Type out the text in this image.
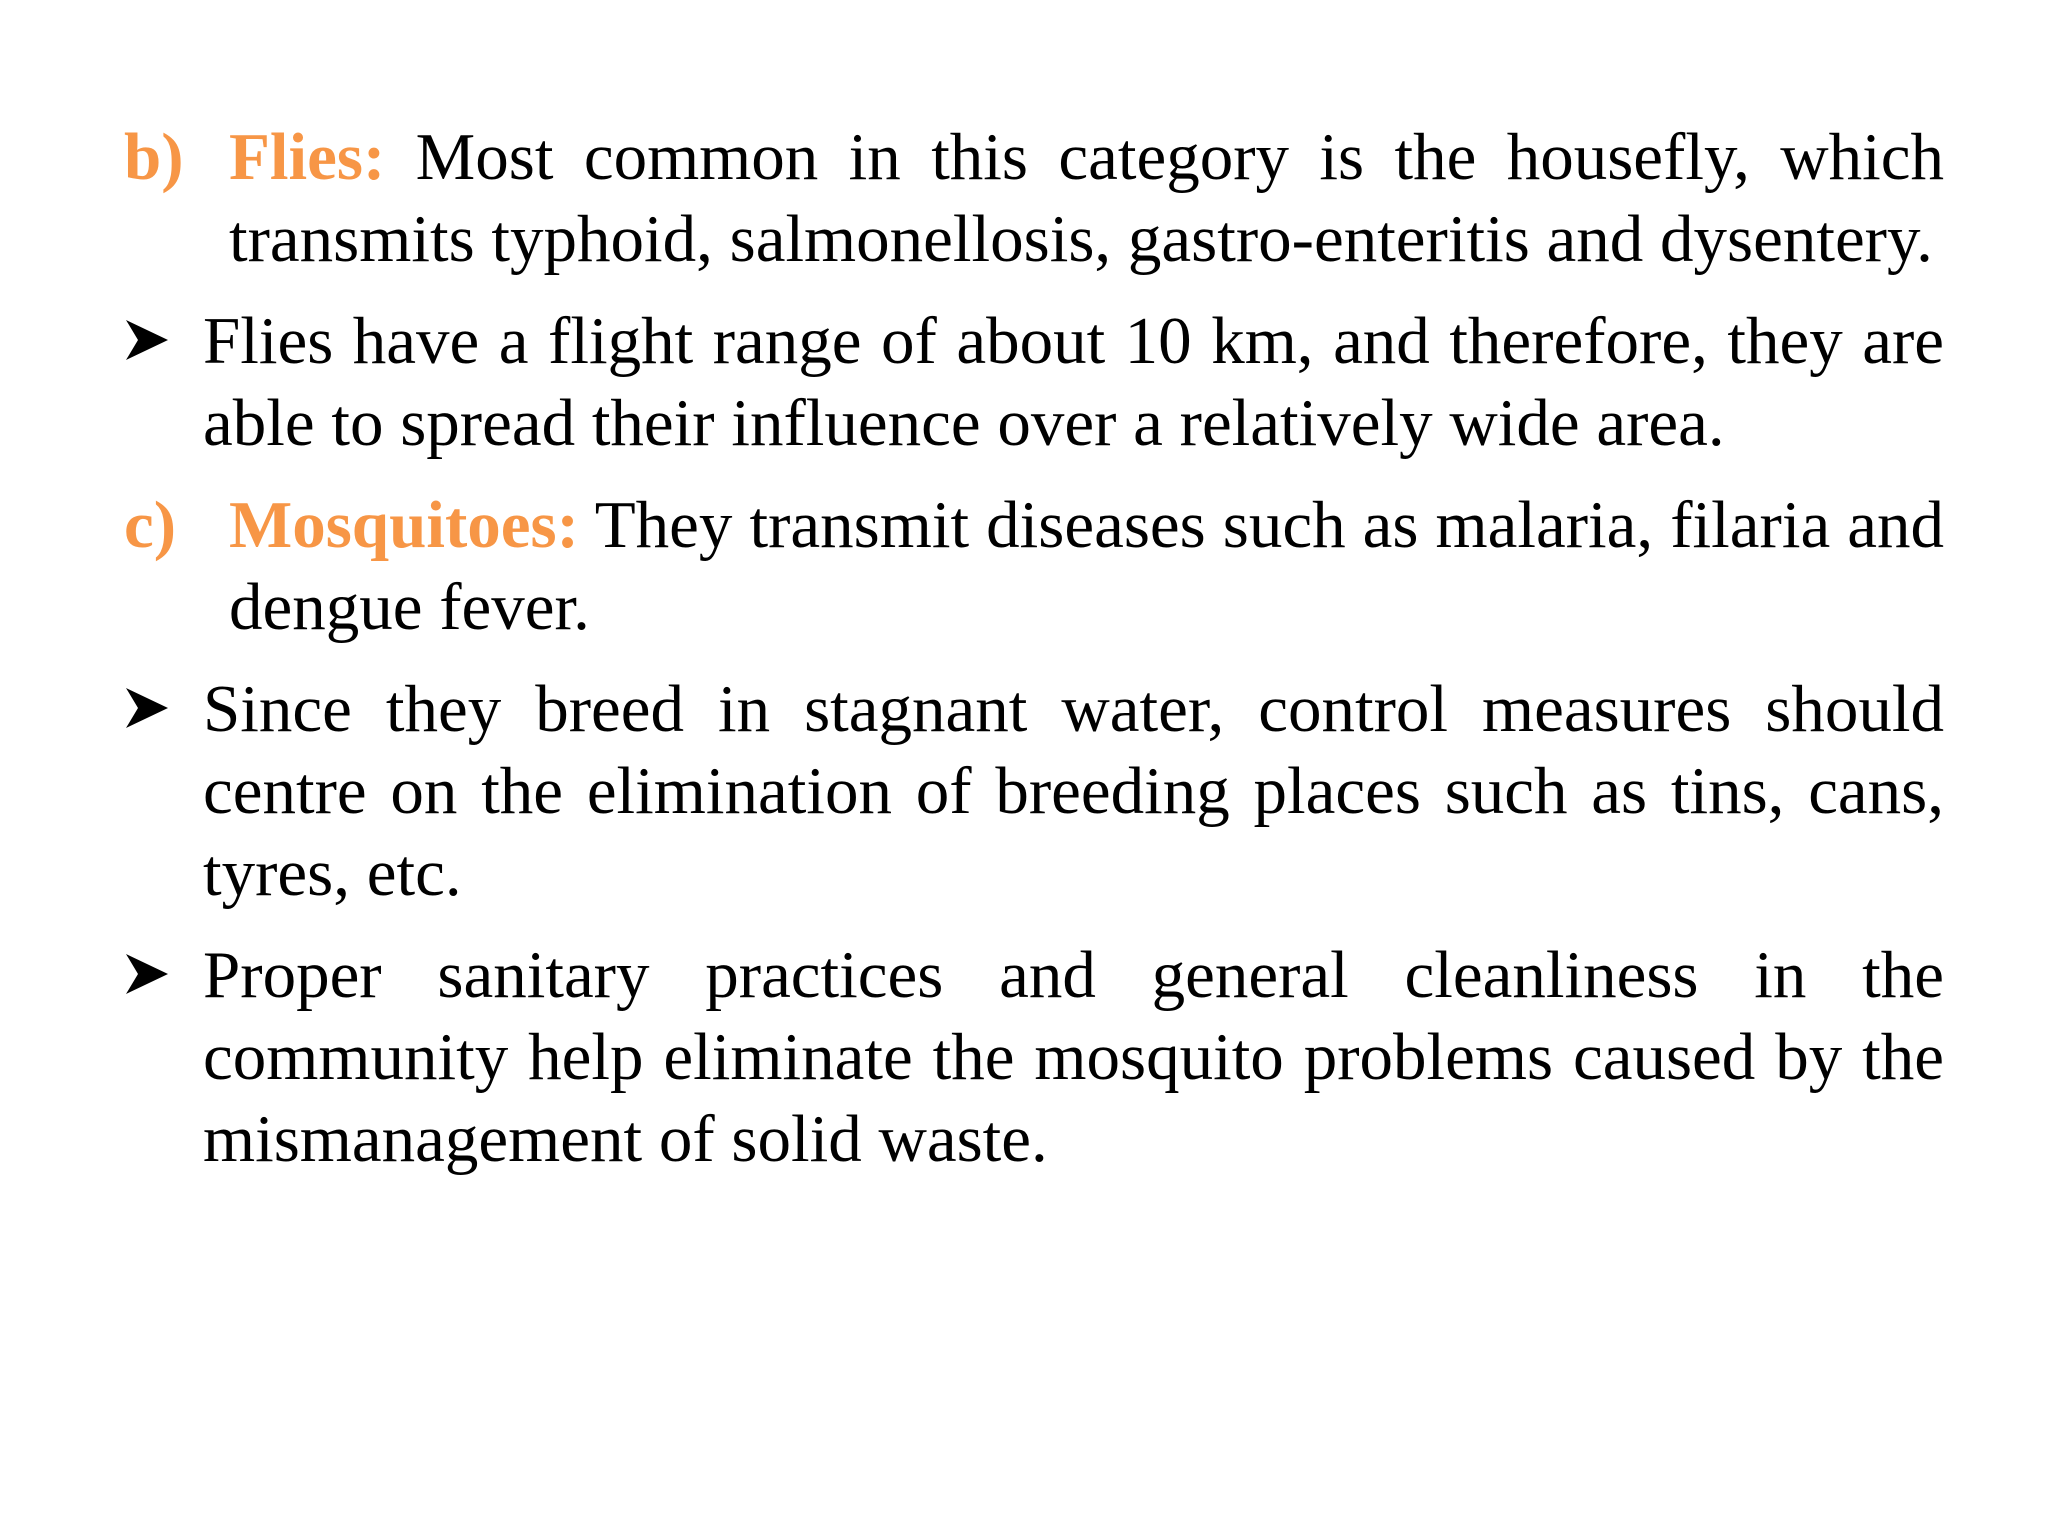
b) Flies: Most common in this category is the housefly, which transmits typhoid, salmonellosis, gastro-enteritis and dysentery.

Flies have a flight range of about 10 km, and therefore, they are able to spread their influence over a relatively wide area.

c) Mosquitoes: They transmit diseases such as malaria, filaria and dengue fever.

Since they breed in stagnant water, control measures should centre on the elimination of breeding places such as tins, cans, tyres, etc.

Proper sanitary practices and general cleanliness in the community help eliminate the mosquito problems caused by the mismanagement of solid waste.
